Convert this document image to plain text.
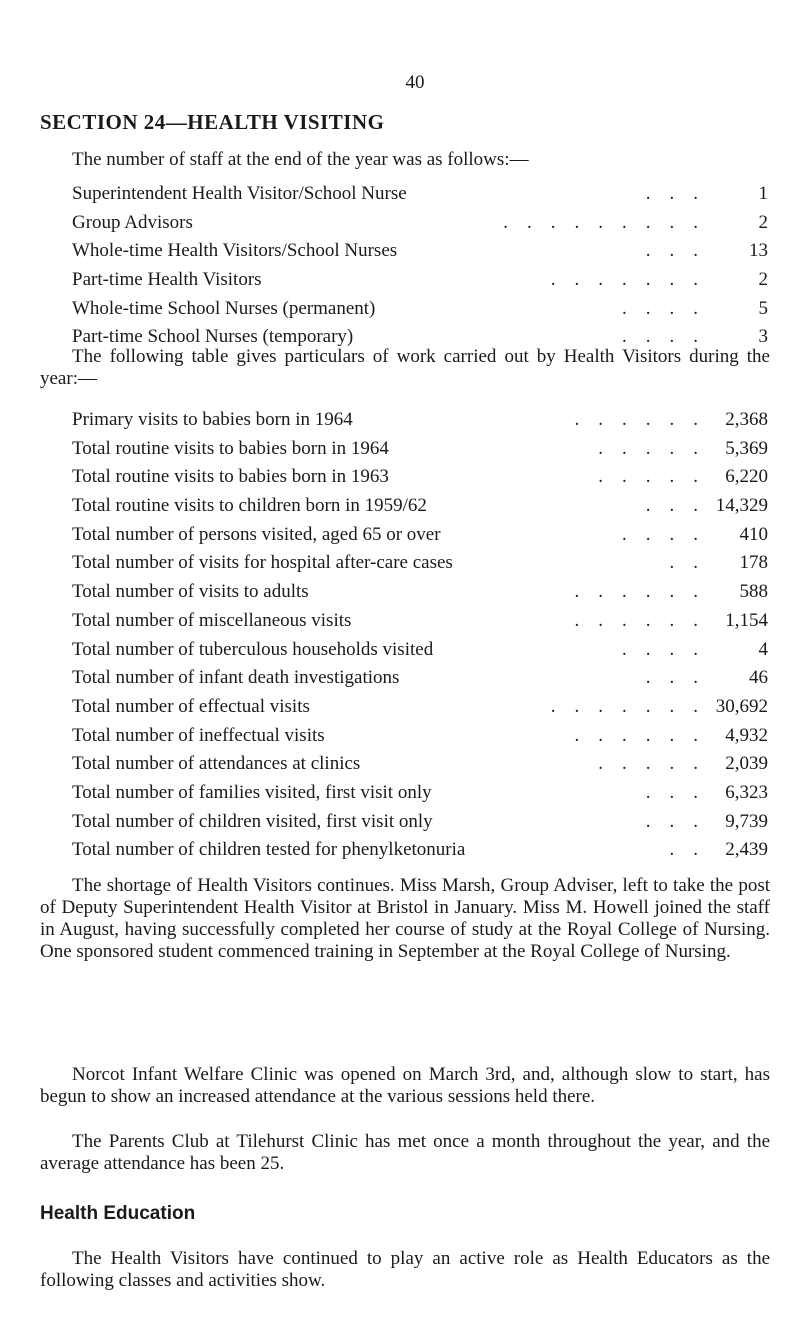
40
SECTION 24—HEALTH VISITING
The number of staff at the end of the year was as follows:—
Superintendent Health Visitor/School Nurse	.    .    .	1
Group Advisors	.    .    .    .    .    .    .    .    .	2
Whole-time Health Visitors/School Nurses	.    .    .	13
Part-time Health Visitors	.    .    .    .    .    .    .	2
Whole-time School Nurses (permanent)	.    .    .    .	5
Part-time School Nurses (temporary)	.    .    .    .	3
The following table gives particulars of work carried out by Health Visitors during the year:—
Primary visits to babies born in 1964	.    .    .    .    .    . 2,368
Total routine visits to babies born in 1964	.    .    .    .    . 5,369
Total routine visits to babies born in 1963	.    .    .    .    . 6,220
Total routine visits to children born in 1959/62	.    .    . 14,329
Total number of persons visited, aged 65 or over	.    .    .    . 410
Total number of visits for hospital after-care cases	.    . 178
Total number of visits to adults	.    .    .    .    .    . 588
Total number of miscellaneous visits	.    .    .    .    .    . 1,154
Total number of tuberculous households visited	.    .    .    .	4
Total number of infant death investigations	.    .    .	46
Total number of effectual visits	.    .    .    .    .    .    . 30,692
Total number of ineffectual visits	.    .    .    .    .    . 4,932
Total number of attendances at clinics	.    .    .    .    . 2,039
Total number of families visited, first visit only	.    .    . 6,323
Total number of children visited, first visit only	.    .    . 9,739
Total number of children tested for phenylketonuria	.    . 2,439
The shortage of Health Visitors continues. Miss Marsh, Group Adviser, left to take the post of Deputy Superintendent Health Visitor at Bristol in January. Miss M. Howell joined the staff in August, having successfully completed her course of study at the Royal College of Nursing. One sponsored student commenced training in September at the Royal College of Nursing.
Norcot Infant Welfare Clinic was opened on March 3rd, and, although slow to start, has begun to show an increased attendance at the various sessions held there.
The Parents Club at Tilehurst Clinic has met once a month throughout the year, and the average attendance has been 25.
Health Education
The Health Visitors have continued to play an active role as Health Educators as the following classes and activities show.
